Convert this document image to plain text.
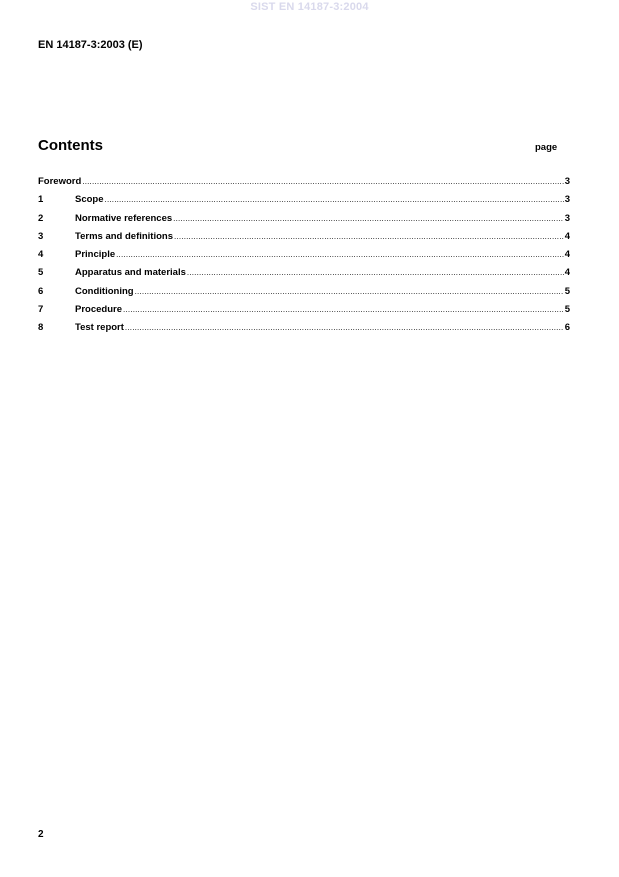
SIST EN 14187-3:2004
EN 14187-3:2003 (E)
Contents	page
Foreword .....	3
1	Scope .....	3
2	Normative references .....	3
3	Terms and definitions .....	4
4	Principle .....	4
5	Apparatus and materials .....	4
6	Conditioning .....	5
7	Procedure .....	5
8	Test report .....	6
2
